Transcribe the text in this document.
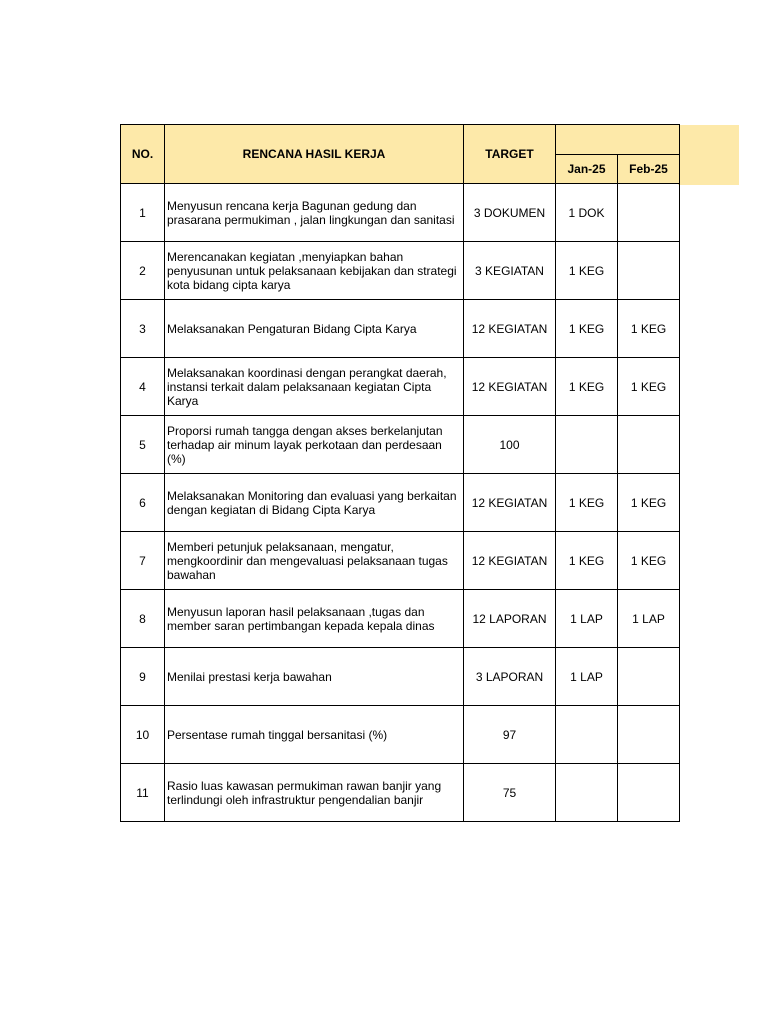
NO.	RENCANA HASIL KERJA	TARGET		
			Jan-25	Feb-25
1	Menyusun rencana kerja Bagunan gedung dan prasarana permukiman , jalan lingkungan dan sanitasi	3 DOKUMEN	1 DOK	
2	Merencanakan kegiatan ,menyiapkan bahan penyusunan untuk pelaksanaan kebijakan dan strategi kota bidang cipta karya	3 KEGIATAN	1 KEG	
3	Melaksanakan Pengaturan Bidang Cipta Karya	12 KEGIATAN	1 KEG	1 KEG
4	Melaksanakan koordinasi dengan perangkat daerah, instansi terkait dalam pelaksanaan kegiatan Cipta Karya	12 KEGIATAN	1 KEG	1 KEG
5	Proporsi rumah tangga dengan akses berkelanjutan terhadap air minum layak perkotaan dan perdesaan (%)	100		
6	Melaksanakan Monitoring dan evaluasi yang berkaitan dengan kegiatan di Bidang Cipta Karya	12 KEGIATAN	1 KEG	1 KEG
7	Memberi petunjuk pelaksanaan, mengatur, mengkoordinir dan mengevaluasi pelaksanaan tugas bawahan	12 KEGIATAN	1 KEG	1 KEG
8	Menyusun laporan hasil pelaksanaan ,tugas dan member saran pertimbangan kepada kepala dinas	12 LAPORAN	1 LAP	1 LAP
9	Menilai prestasi kerja bawahan	3 LAPORAN	1 LAP	
10	Persentase rumah tinggal bersanitasi (%)	97		
11	Rasio luas kawasan permukiman rawan banjir yang terlindungi oleh infrastruktur pengendalian banjir	75		
